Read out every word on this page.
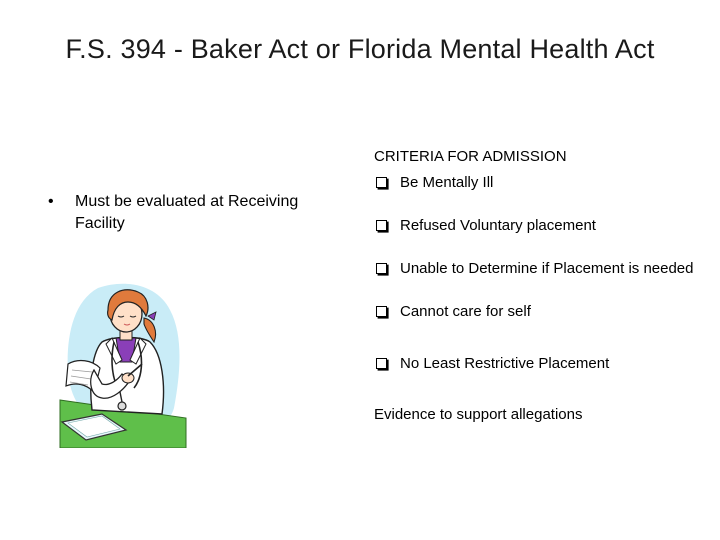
F.S. 394 - Baker Act or Florida Mental Health Act
• Must be evaluated at Receiving Facility
CRITERIA FOR ADMISSION
Be Mentally Ill
Refused Voluntary placement
Unable to Determine if Placement is needed
Cannot care for self
No Least Restrictive Placement
Evidence to support allegations
